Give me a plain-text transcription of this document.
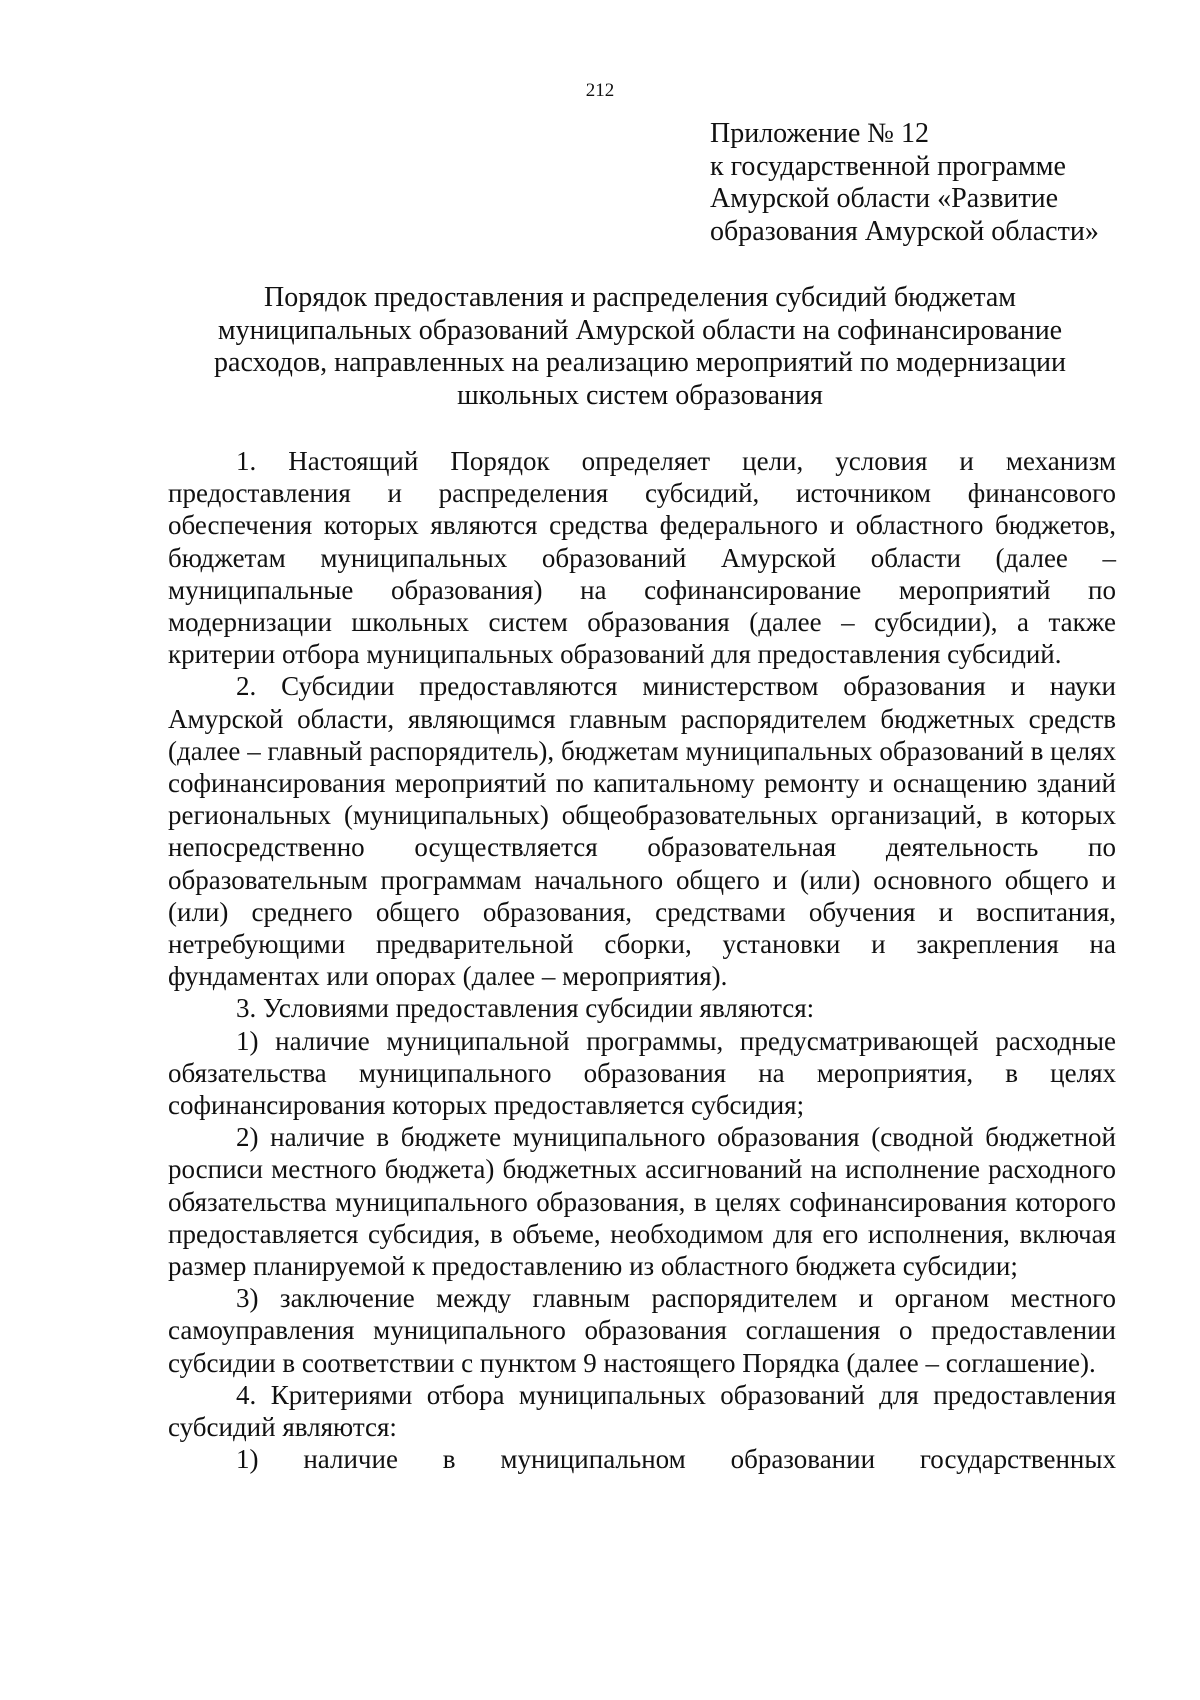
212
Приложение № 12
к государственной программе
Амурской области «Развитие
образования Амурской области»
Порядок предоставления и распределения субсидий бюджетам
муниципальных образований Амурской области на софинансирование
расходов, направленных на реализацию мероприятий по модернизации
школьных систем образования

1. Настоящий Порядок определяет цели, условия и механизм предоставления и распределения субсидий, источником финансового обеспечения которых являются средства федерального и областного бюджетов, бюджетам муниципальных образований Амурской области (далее – муниципальные образования) на софинансирование мероприятий по модернизации школьных систем образования (далее – субсидии), а также критерии отбора муниципальных образований для предоставления субсидий.

2. Субсидии предоставляются министерством образования и науки Амурской области, являющимся главным распорядителем бюджетных средств (далее – главный распорядитель), бюджетам муниципальных образований в целях софинансирования мероприятий по капитальному ремонту и оснащению зданий региональных (муниципальных) общеобразовательных организаций, в которых непосредственно осуществляется образовательная деятельность по образовательным программам начального общего и (или) основного общего и (или) среднего общего образования, средствами обучения и воспитания, нетребующими предварительной сборки, установки и закрепления на фундаментах или опорах (далее – мероприятия).

3. Условиями предоставления субсидии являются:

1) наличие муниципальной программы, предусматривающей расходные обязательства муниципального образования на мероприятия, в целях софинансирования которых предоставляется субсидия;

2) наличие в бюджете муниципального образования (сводной бюджетной росписи местного бюджета) бюджетных ассигнований на исполнение расходного обязательства муниципального образования, в целях софинансирования которого предоставляется субсидия, в объеме, необходимом для его исполнения, включая размер планируемой к предоставлению из областного бюджета субсидии;

3) заключение между главным распорядителем и органом местного самоуправления муниципального образования соглашения о предоставлении субсидии в соответствии с пунктом 9 настоящего Порядка (далее – соглашение).

4. Критериями отбора муниципальных образований для предоставления субсидий являются:

1) наличие в муниципальном образовании государственных
